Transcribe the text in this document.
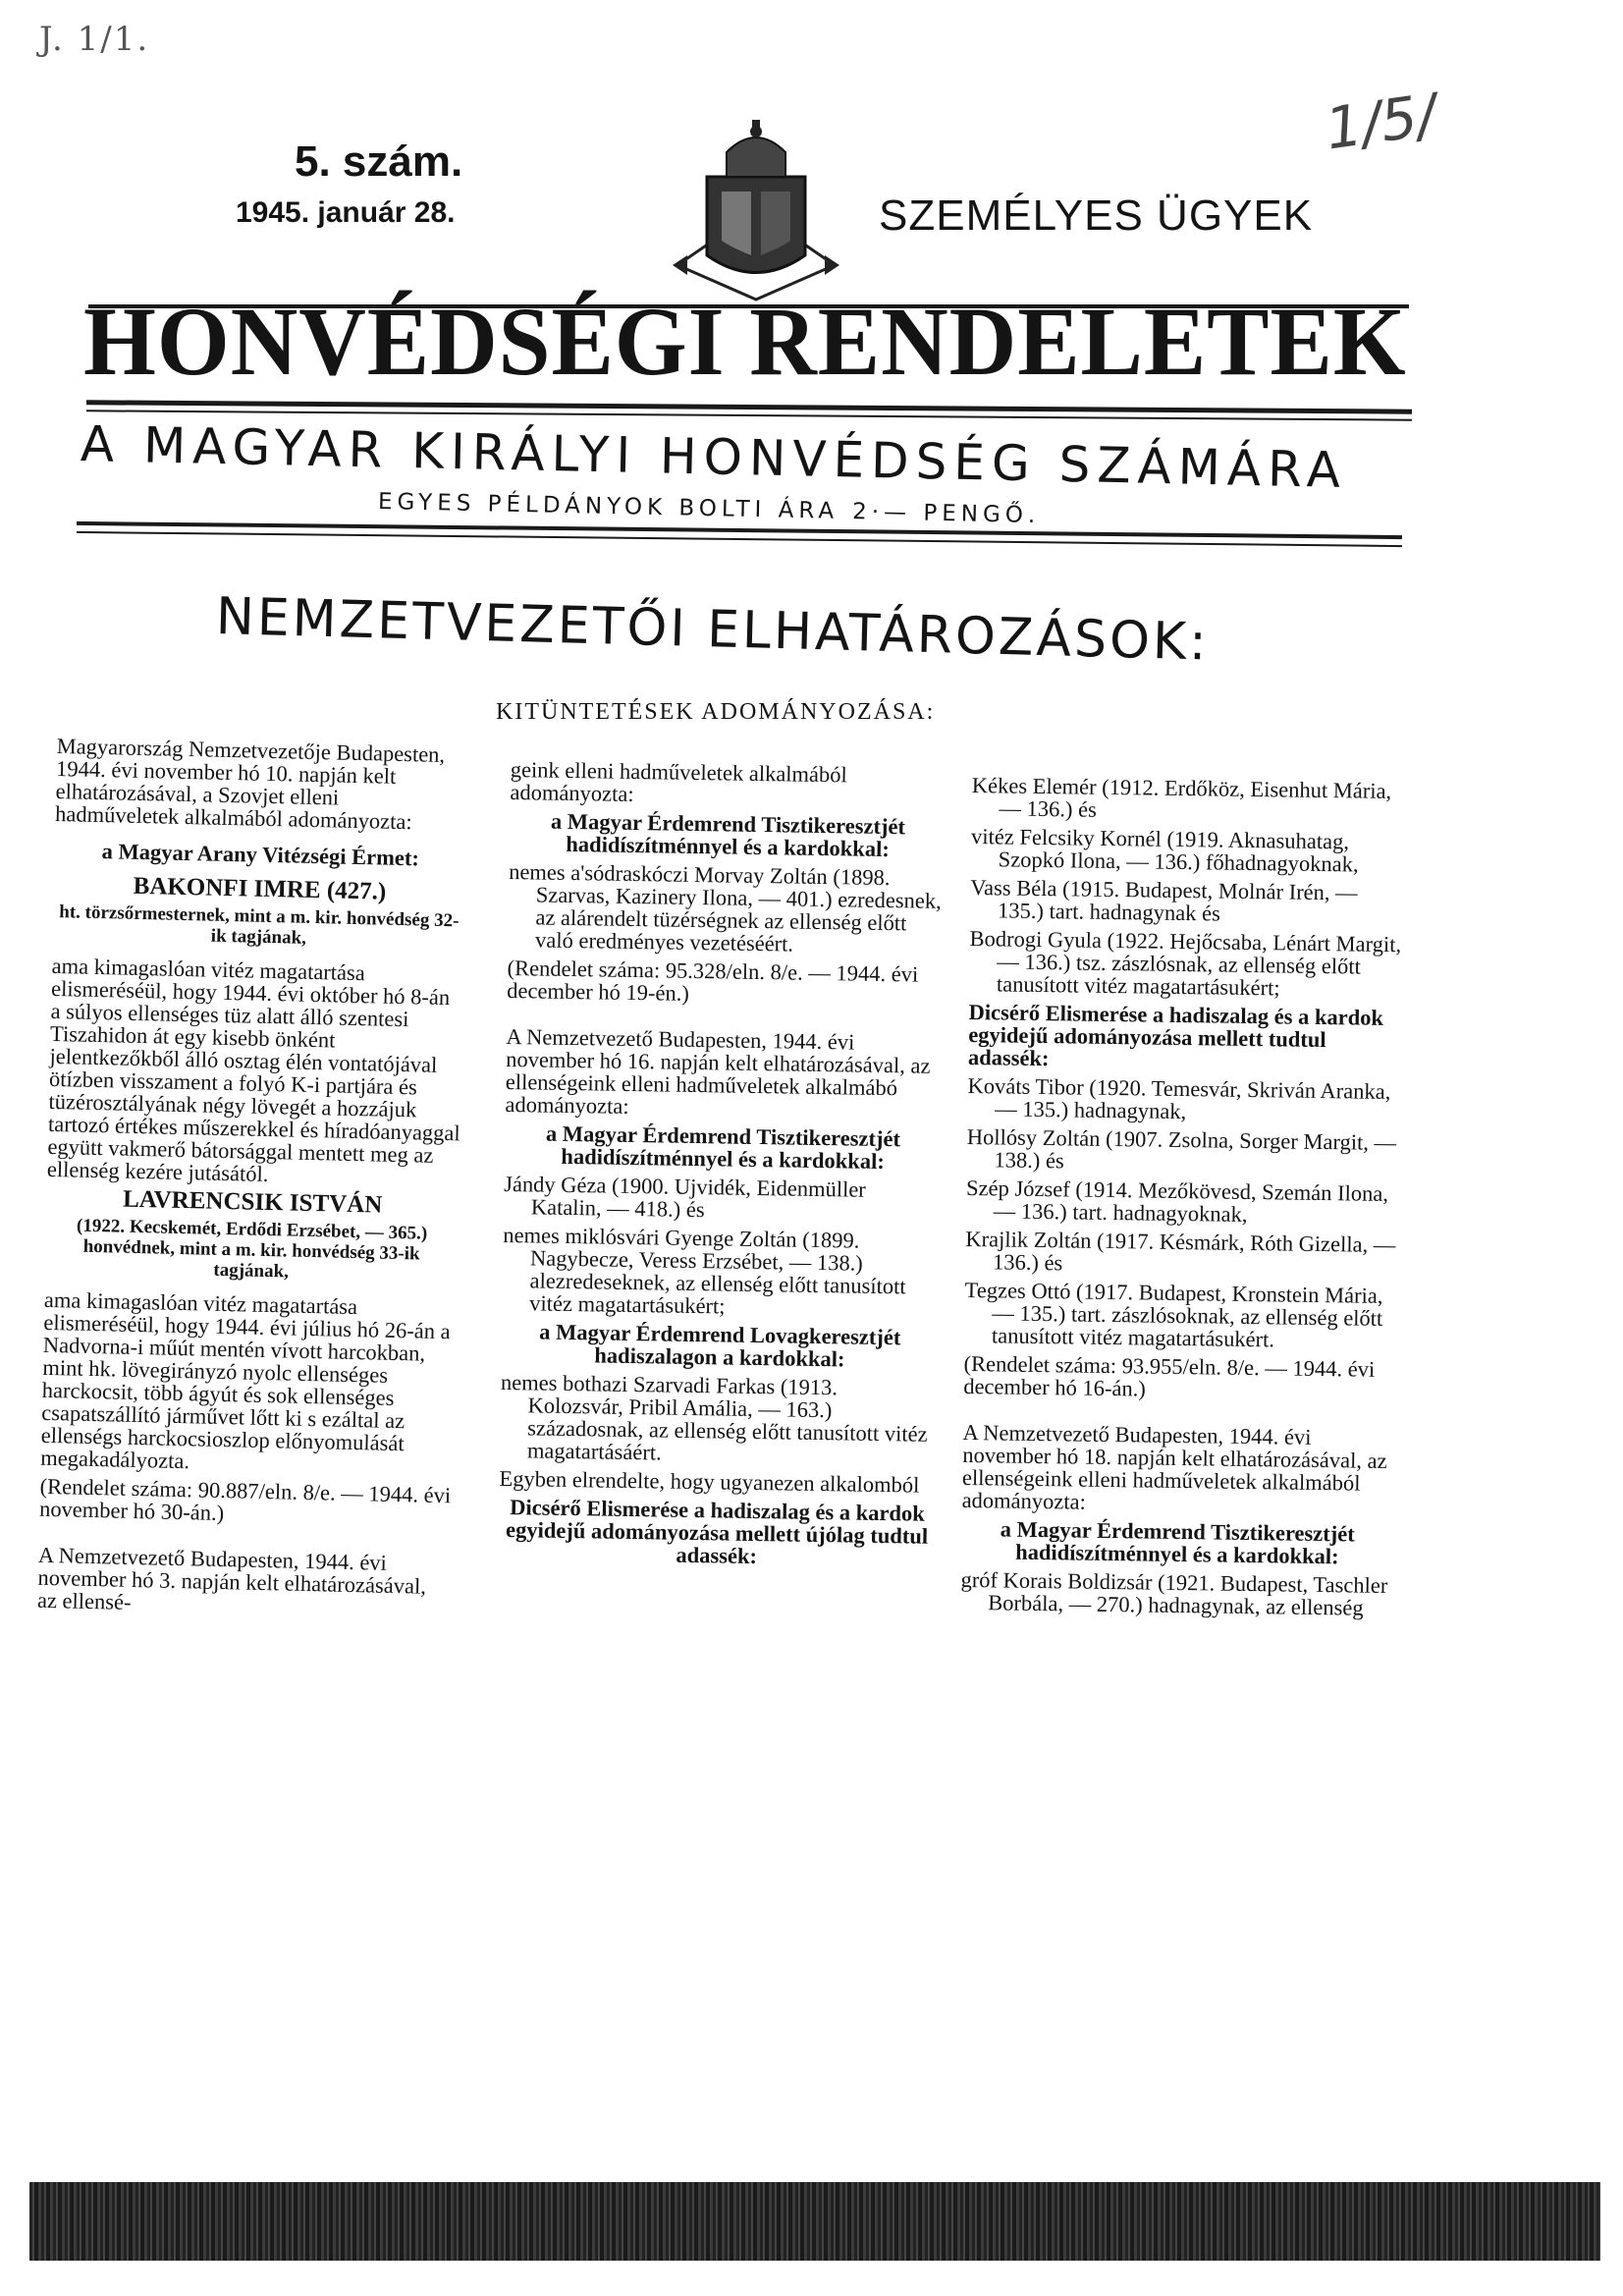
J. 1/1.
1/5/
5. szám.
1945. január 28.	SZEMÉLYES ÜGYEK
HONVÉDSÉGI RENDELETEK
A MAGYAR KIRÁLYI HONVÉDSÉG SZÁMÁRA
EGYES PÉLDÁNYOK BOLTI ÁRA 2·— PENGŐ.
NEMZETVEZETŐI ELHATÁROZÁSOK:
KITÜNTETÉSEK ADOMÁNYOZÁSA:
Magyarország Nemzetvezetője Budapesten, 1944. évi november hó 10. napján kelt elhatározásával, a Szovjet elleni hadműveletek alkalmából adományozta:
a Magyar Arany Vitézségi Érmet:
BAKONFI IMRE (427.)
ht. törzsőrmesternek, mint a m. kir. honvédség 32-ik tagjának,
ama kimagaslóan vitéz magatartása elismeréséül, hogy 1944. évi október hó 8-án a súlyos ellenséges tüz alatt álló szentesi Tiszahidon át egy kisebb önként jelentkezőkből álló osztag élén vontatójával ötízben visszament a folyó K-i partjára és tüzérosztályának négy lövegét a hozzájuk tartozó értékes műszerekkel és híradóanyaggal együtt vakmerő bátorsággal mentett meg az ellenség kezére jutásától.
LAVRENCSIK ISTVÁN
(1922. Kecskemét, Erdődi Erzsébet, — 365.) honvédnek, mint a m. kir. honvédség 33-ik tagjának,
ama kimagaslóan vitéz magatartása elismeréséül, hogy 1944. évi július hó 26-án a Nadvorna-i műút mentén vívott harcokban, mint hk. lövegirányzó nyolc ellenséges harckocsit, több ágyút és sok ellenséges csapatszállító járművet lőtt ki s ezáltal az ellenségs harckocsioszlop előnyomulását megakadályozta.
(Rendelet száma: 90.887/eln. 8/e. — 1944. évi november hó 30-án.)
A Nemzetvezető Budapesten, 1944. évi november hó 3. napján kelt elhatározásával, az ellensé-
geink elleni hadműveletek alkalmából adományozta:
a Magyar Érdemrend Tisztikeresztjét hadidíszítménnyel és a kardokkal:
nemes a'sódraskóczi Morvay Zoltán (1898. Szarvas, Kazinery Ilona, — 401.) ezredesnek, az alárendelt tüzérségnek az ellenség előtt való eredményes vezetéséért.
(Rendelet száma: 95.328/eln. 8/e. — 1944. évi december hó 19-én.)
A Nemzetvezető Budapesten, 1944. évi november hó 16. napján kelt elhatározásával, az ellenségeink elleni hadműveletek alkalmábó adományozta:
a Magyar Érdemrend Tisztikeresztjét hadidíszítménnyel és a kardokkal:
Jándy Géza (1900. Ujvidék, Eidenmüller Katalin, — 418.) és
nemes miklósvári Gyenge Zoltán (1899. Nagybecze, Veress Erzsébet, — 138.) alezredeseknek, az ellenség előtt tanusított vitéz magatartásukért;
a Magyar Érdemrend Lovagkeresztjét hadiszalagon a kardokkal:
nemes bothazi Szarvadi Farkas (1913. Kolozsvár, Pribil Amália, — 163.) századosnak, az ellenség előtt tanusított vitéz magatartásáért.
Egyben elrendelte, hogy ugyanezen alkalomból
Dicsérő Elismerése a hadiszalag és a kardok egyidejű adományozása mellett újólag tudtul adassék:
Kékes Elemér (1912. Erdőköz, Eisenhut Mária, — 136.) és
vitéz Felcsiky Kornél (1919. Aknasuhatag, Szopkó Ilona, — 136.) főhadnagyoknak,
Vass Béla (1915. Budapest, Molnár Irén, — 135.) tart. hadnagynak és
Bodrogi Gyula (1922. Hejőcsaba, Lénárt Margit, — 136.) tsz. zászlósnak, az ellenség előtt tanusított vitéz magatartásukért;
Dicsérő Elismerése a hadiszalag és a kardok egyidejű adományozása mellett tudtul adassék:
Kováts Tibor (1920. Temesvár, Skriván Aranka, — 135.) hadnagynak,
Hollósy Zoltán (1907. Zsolna, Sorger Margit, — 138.) és
Szép József (1914. Mezőkövesd, Szemán Ilona, — 136.) tart. hadnagyoknak,
Krajlik Zoltán (1917. Késmárk, Róth Gizella, — 136.) és
Tegzes Ottó (1917. Budapest, Kronstein Mária, — 135.) tart. zászlósoknak, az ellenség előtt tanusított vitéz magatartásukért.
(Rendelet száma: 93.955/eln. 8/e. — 1944. évi december hó 16-án.)
A Nemzetvezető Budapesten, 1944. évi november hó 18. napján kelt elhatározásával, az ellenségeink elleni hadműveletek alkalmából adományozta:
a Magyar Érdemrend Tisztikeresztjét hadidíszítménnyel és a kardokkal:
gróf Korais Boldizsár (1921. Budapest, Taschler Borbála, — 270.) hadnagynak, az ellenség
